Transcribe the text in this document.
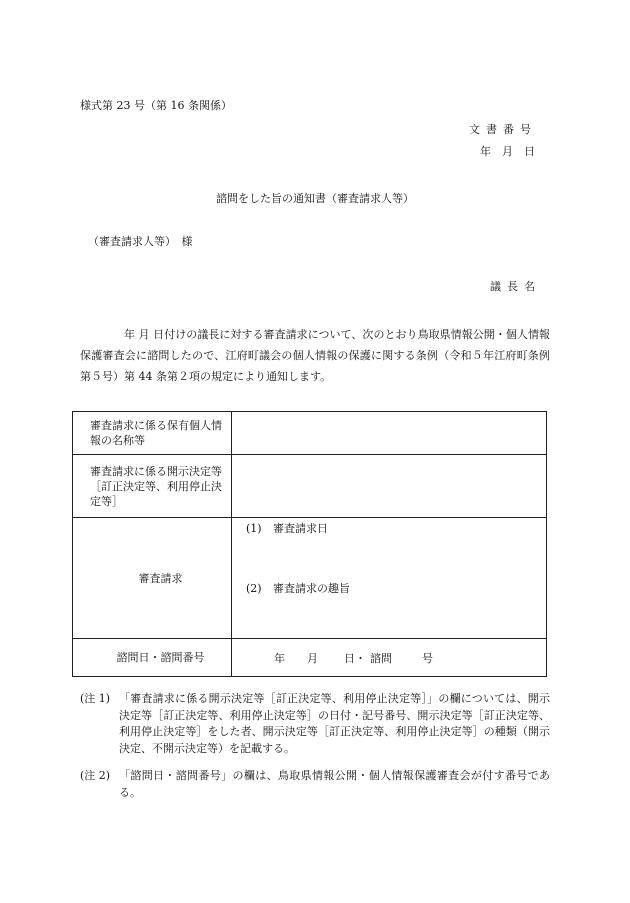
様式第 23 号（第 16 条関係）
文書番号
年　月　日
諮問をした旨の通知書（審査請求人等）
（審査請求人等）　様
議長名
年 月 日付けの議長に対する審査請求について、次のとおり鳥取県情報公開・個人情報保護審査会に諮問したので、江府町議会の個人情報の保護に関する条例（令和５年江府町条例第５号）第 44 条第２項の規定により通知します。
審査請求に係る保有個人情報の名称等	
審査請求に係る開示決定等［訂正決定等、利用停止決定等］	
審査請求	(1) 審査請求日
(2) 審査請求の趣旨

諮問日・諮問番号	年 月 日・ 諮問 号
(注 1) 「審査請求に係る開示決定等［訂正決定等、利用停止決定等］」の欄については、開示決定等［訂正決定等、利用停止決定等］の日付・記号番号、開示決定等［訂正決定等、利用停止決定等］をした者、開示決定等［訂正決定等、利用停止決定等］の種類（開示決定、不開示決定等）を記載する。
(注 2) 「諮問日・諮問番号」の欄は、鳥取県情報公開・個人情報保護審査会が付す番号である。
